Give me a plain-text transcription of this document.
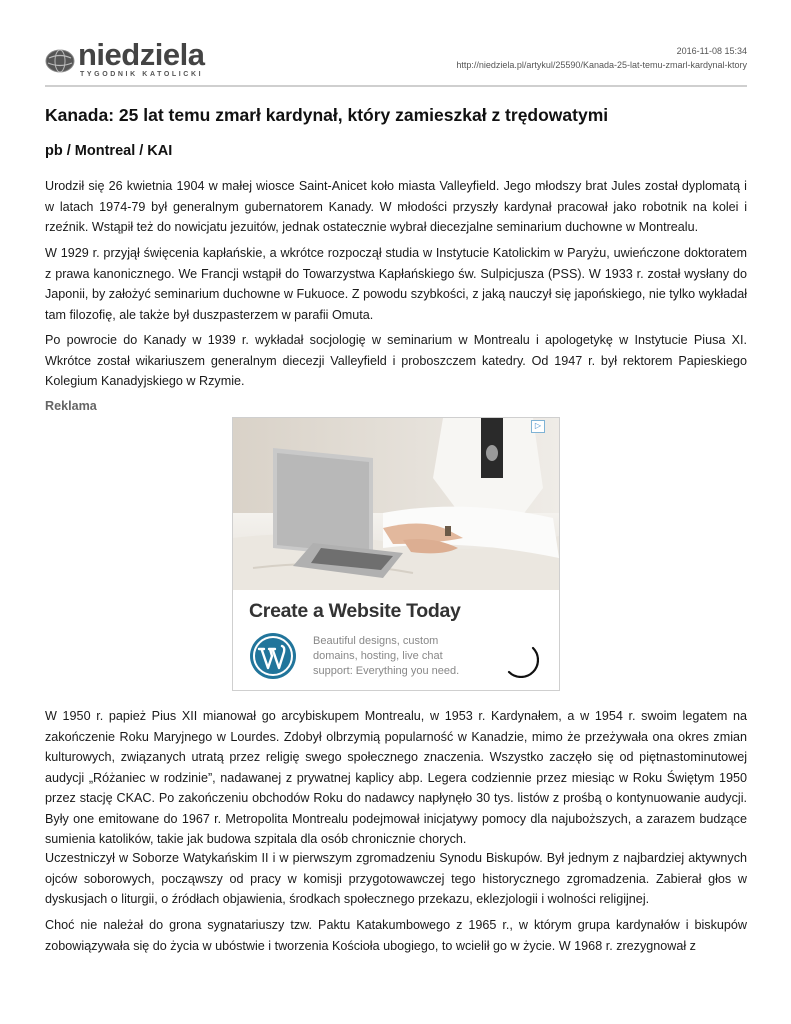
niedziela
TYGODNIK KATOLICKI
2016-11-08 15:34
http://niedziela.pl/artykul/25590/Kanada-25-lat-temu-zmarl-kardynal-ktory
Kanada: 25 lat temu zmarł kardynał, który zamieszkał z trędowatymi
pb / Montreal / KAI

Urodził się 26 kwietnia 1904 w małej wiosce Saint-Anicet koło miasta Valleyfield. Jego młodszy brat Jules został dyplomatą i w latach 1974-79 był generalnym gubernatorem Kanady. W młodości przyszły kardynał pracował jako robotnik na kolei i rzeźnik. Wstąpił też do nowicjatu jezuitów, jednak ostatecznie wybrał diecezjalne seminarium duchowne w Montrealu.

W 1929 r. przyjął święcenia kapłańskie, a wkrótce rozpoczął studia w Instytucie Katolickim w Paryżu, uwieńczone doktoratem z prawa kanonicznego. We Francji wstąpił do Towarzystwa Kapłańskiego św. Sulpicjusza (PSS). W 1933 r. został wysłany do Japonii, by założyć seminarium duchowne w Fukuoce. Z powodu szybkości, z jaką nauczył się japońskiego, nie tylko wykładał tam filozofię, ale także był duszpasterzem w parafii Omuta.

Po powrocie do Kanady w 1939 r. wykładał socjologię w seminarium w Montrealu i apologetykę w Instytucie Piusa XI. Wkrótce został wikariuszem generalnym diecezji Valleyfield i proboszczem katedry. Od 1947 r. był rektorem Papieskiego Kolegium Kanadyjskiego w Rzymie.

Reklama
▷
Create a Website Today
Beautiful designs, custom domains, hosting, live chat support: Everything you need.

W 1950 r. papież Pius XII mianował go arcybiskupem Montrealu, w 1953 r. Kardynałem, a w 1954 r. swoim legatem na zakończenie Roku Maryjnego w Lourdes. Zdobył olbrzymią popularność w Kanadzie, mimo że przeżywała ona okres zmian kulturowych, związanych utratą przez religię swego społecznego znaczenia. Wszystko zaczęło się od piętnastominutowej audycji „Różaniec w rodzinie”, nadawanej z prywatnej kaplicy abp. Legera codziennie przez miesiąc w Roku Świętym 1950 przez stację CKAC. Po zakończeniu obchodów Roku do nadawcy napłynęło 30 tys. listów z prośbą o kontynuowanie audycji. Były one emitowane do 1967 r. Metropolita Montrealu podejmował inicjatywy pomocy dla najuboższych, a zarazem budzące sumienia katolików, takie jak budowa szpitala dla osób chronicznie chorych.

Uczestniczył w Soborze Watykańskim II i w pierwszym zgromadzeniu Synodu Biskupów. Był jednym z najbardziej aktywnych ojców soborowych, począwszy od pracy w komisji przygotowawczej tego historycznego zgromadzenia. Zabierał głos w dyskusjach o liturgii, o źródłach objawienia, środkach społecznego przekazu, eklezjologii i wolności religijnej.

Choć nie należał do grona sygnatariuszy tzw. Paktu Katakumbowego z 1965 r., w którym grupa kardynałów i biskupów zobowiązywała się do życia w ubóstwie i tworzenia Kościoła ubogiego, to wcielił go w życie. W 1968 r. zrezygnował z
